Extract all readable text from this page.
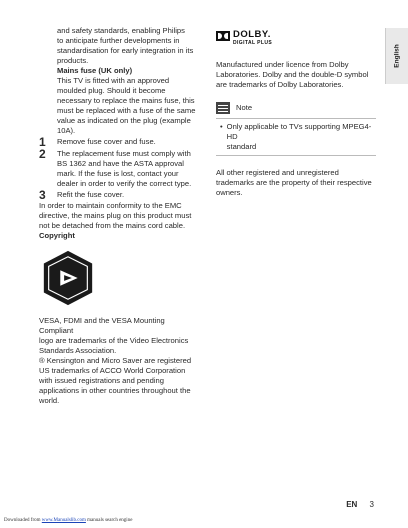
English
and safety standards, enabling Philips
to anticipate further developments in
standardisation for early integration in its
products.
Mains fuse (UK only)
This TV is fitted with an approved
moulded plug. Should it become
necessary to replace the mains fuse, this
must be replaced with a fuse of the same
value as indicated on the plug (example
10A).
1	Remove fuse cover and fuse.
2	The replacement fuse must comply with
BS 1362 and have the ASTA approval
mark. If the fuse is lost, contact your
dealer in order to verify the correct type.
3	Refit the fuse cover.
In order to maintain conformity to the EMC
directive, the mains plug on this product must
not be detached from the mains cord cable.
Copyright
VESA, FDMI and the VESA Mounting Compliant
logo are trademarks of the Video Electronics
Standards Association.
® Kensington and Micro Saver are registered
US trademarks of ACCO World Corporation
with issued registrations and pending
applications in other countries throughout the
world.
DOLBY.
DIGITAL PLUS
Manufactured under licence from Dolby
Laboratories. Dolby and the double-D symbol
are trademarks of Dolby Laboratories.
Note
• Only applicable to TVs supporting MPEG4-HD
standard
All other registered and unregistered
trademarks are the property of their respective
owners.
EN 3
Downloaded from www.Manualslib.com manuals search engine
